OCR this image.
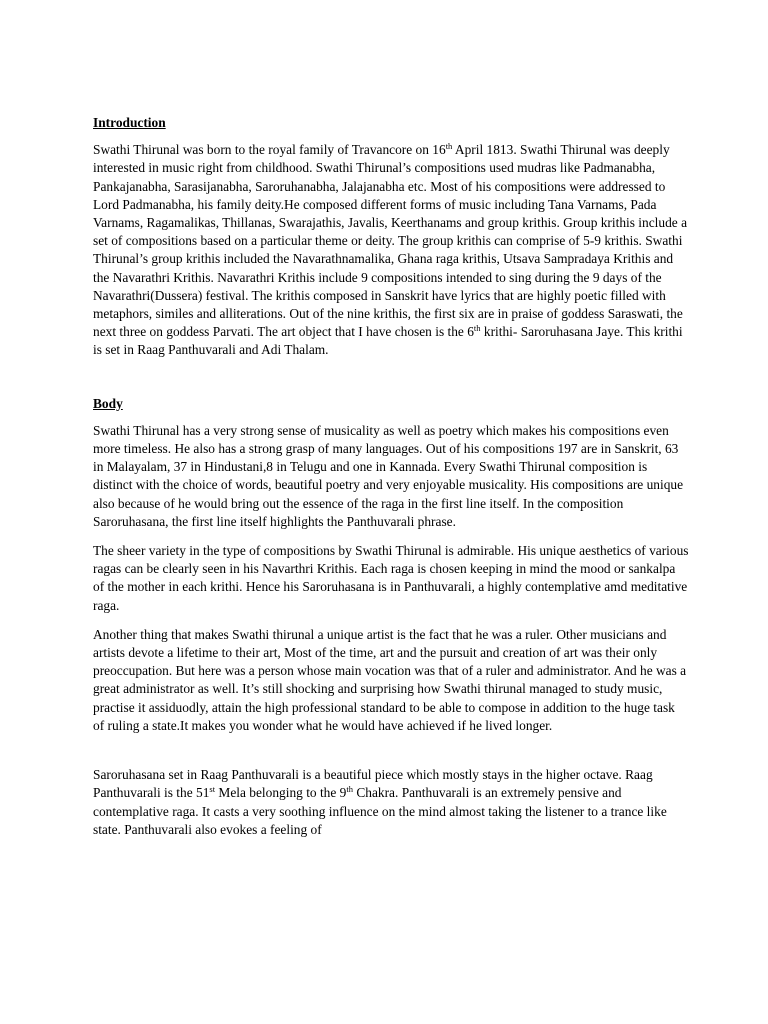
Introduction

Swathi Thirunal was born to the royal family of Travancore on 16th April 1813. Swathi Thirunal was deeply interested in music right from childhood. Swathi Thirunal’s compositions used mudras like Padmanabha, Pankajanabha, Sarasijanabha, Saroruhanabha, Jalajanabha etc. Most of his compositions were addressed to Lord Padmanabha, his family deity.He composed different forms of music including Tana Varnams, Pada Varnams, Ragamalikas, Thillanas, Swarajathis, Javalis, Keerthanams and group krithis. Group krithis include a set of compositions based on a particular theme or deity. The group krithis can comprise of 5-9 krithis. Swathi Thirunal’s group krithis included the Navarathnamalika, Ghana raga krithis, Utsava Sampradaya Krithis and the Navarathri Krithis. Navarathri Krithis include 9 compositions intended to sing during the 9 days of the Navarathri(Dussera) festival. The krithis composed in Sanskrit have lyrics that are highly poetic filled with metaphors, similes and alliterations. Out of the nine krithis, the first six are in praise of goddess Saraswati, the next three on goddess Parvati. The art object that I have chosen is the 6th krithi- Saroruhasana Jaye. This krithi is set in Raag Panthuvarali and Adi Thalam.

Body

Swathi Thirunal has a very strong sense of musicality as well as poetry which makes his compositions even more timeless. He also has a strong grasp of many languages. Out of his compositions 197 are in Sanskrit, 63 in Malayalam, 37 in Hindustani,8 in Telugu and one in Kannada. Every Swathi Thirunal composition is distinct with the choice of words, beautiful poetry and very enjoyable musicality. His compositions are unique also because of he would bring out the essence of the raga in the first line itself. In the composition Saroruhasana, the first line itself highlights the Panthuvarali phrase.

The sheer variety in the type of compositions by Swathi Thirunal is admirable. His unique aesthetics of various ragas can be clearly seen in his Navarthri Krithis. Each raga is chosen keeping in mind the mood or sankalpa of the mother in each krithi. Hence his Saroruhasana is in Panthuvarali, a highly contemplative amd meditative raga.

Another thing that makes Swathi thirunal a unique artist is the fact that he was a ruler. Other musicians and artists devote a lifetime to their art, Most of the time, art and the pursuit and creation of art was their only preoccupation. But here was a person whose main vocation was that of a ruler and administrator. And he was a great administrator as well. It’s still shocking and surprising how Swathi thirunal managed to study music, practise it assiduodly, attain the high professional standard to be able to compose in addition to the huge task of ruling a state.It makes you wonder what he would have achieved if he lived longer.

Saroruhasana set in Raag Panthuvarali is a beautiful piece which mostly stays in the higher octave. Raag Panthuvarali is the 51st Mela belonging to the 9th Chakra. Panthuvarali is an extremely pensive and contemplative raga. It casts a very soothing influence on the mind almost taking the listener to a trance like state. Panthuvarali also evokes a feeling of
